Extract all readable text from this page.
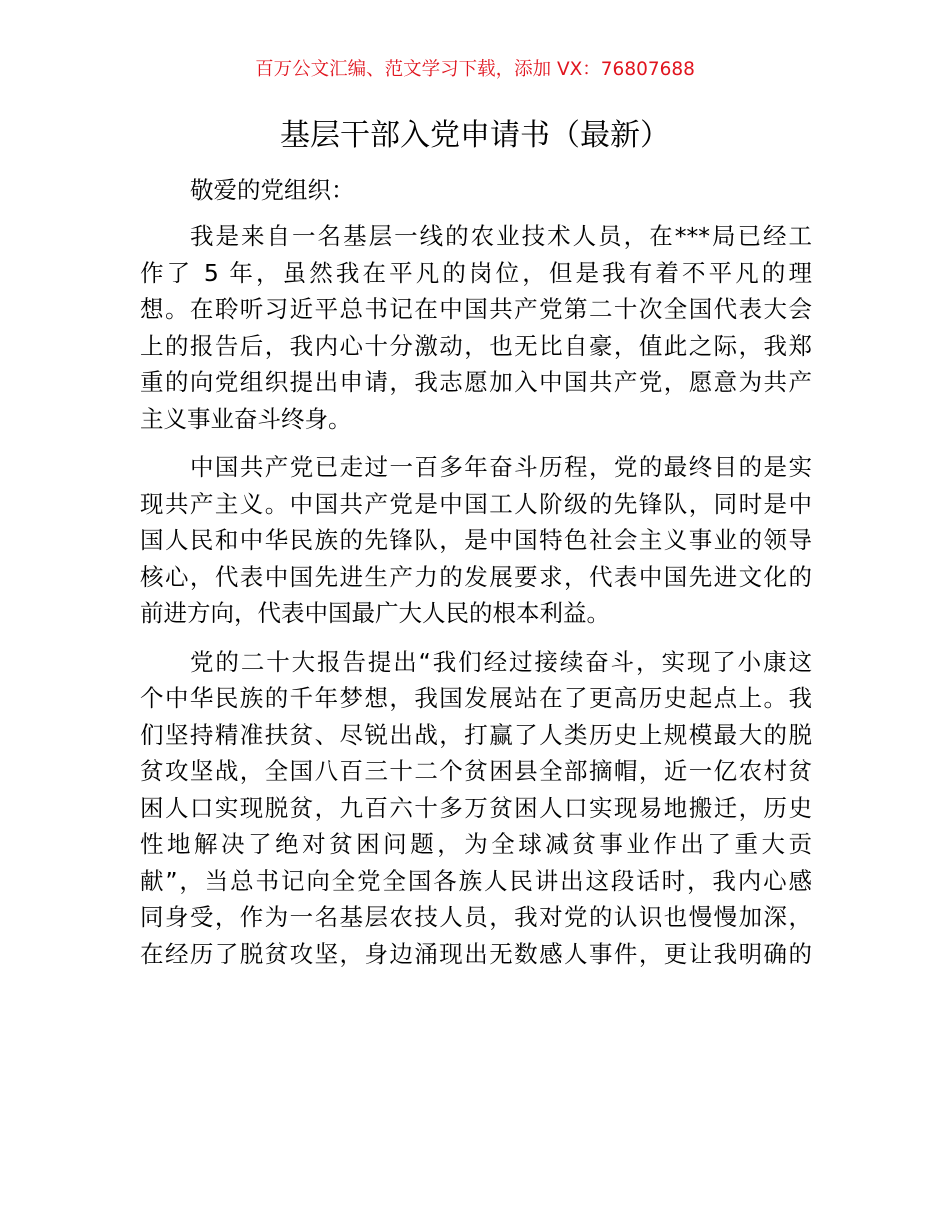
百万公文汇编、范文学习下载，添加 VX：76807688
基层干部入党申请书（最新）

敬爱的党组织：

我是来自一名基层一线的农业技术人员，在***局已经工
作了 5 年，虽然我在平凡的岗位，但是我有着不平凡的理
想。在聆听习近平总书记在中国共产党第二十次全国代表大会
上的报告后，我内心十分激动，也无比自豪，值此之际，我郑
重的向党组织提出申请，我志愿加入中国共产党，愿意为共产
主义事业奋斗终身。

中国共产党已走过一百多年奋斗历程，党的最终目的是实
现共产主义。中国共产党是中国工人阶级的先锋队，同时是中
国人民和中华民族的先锋队，是中国特色社会主义事业的领导
核心，代表中国先进生产力的发展要求，代表中国先进文化的
前进方向，代表中国最广大人民的根本利益。

党的二十大报告提出“我们经过接续奋斗，实现了小康这
个中华民族的千年梦想，我国发展站在了更高历史起点上。我
们坚持精准扶贫、尽锐出战，打赢了人类历史上规模最大的脱
贫攻坚战，全国八百三十二个贫困县全部摘帽，近一亿农村贫
困人口实现脱贫，九百六十多万贫困人口实现易地搬迁，历史
性地解决了绝对贫困问题，为全球减贫事业作出了重大贡
献”，当总书记向全党全国各族人民讲出这段话时，我内心感
同身受，作为一名基层农技人员，我对党的认识也慢慢加深，
在经历了脱贫攻坚，身边涌现出无数感人事件，更让我明确的
